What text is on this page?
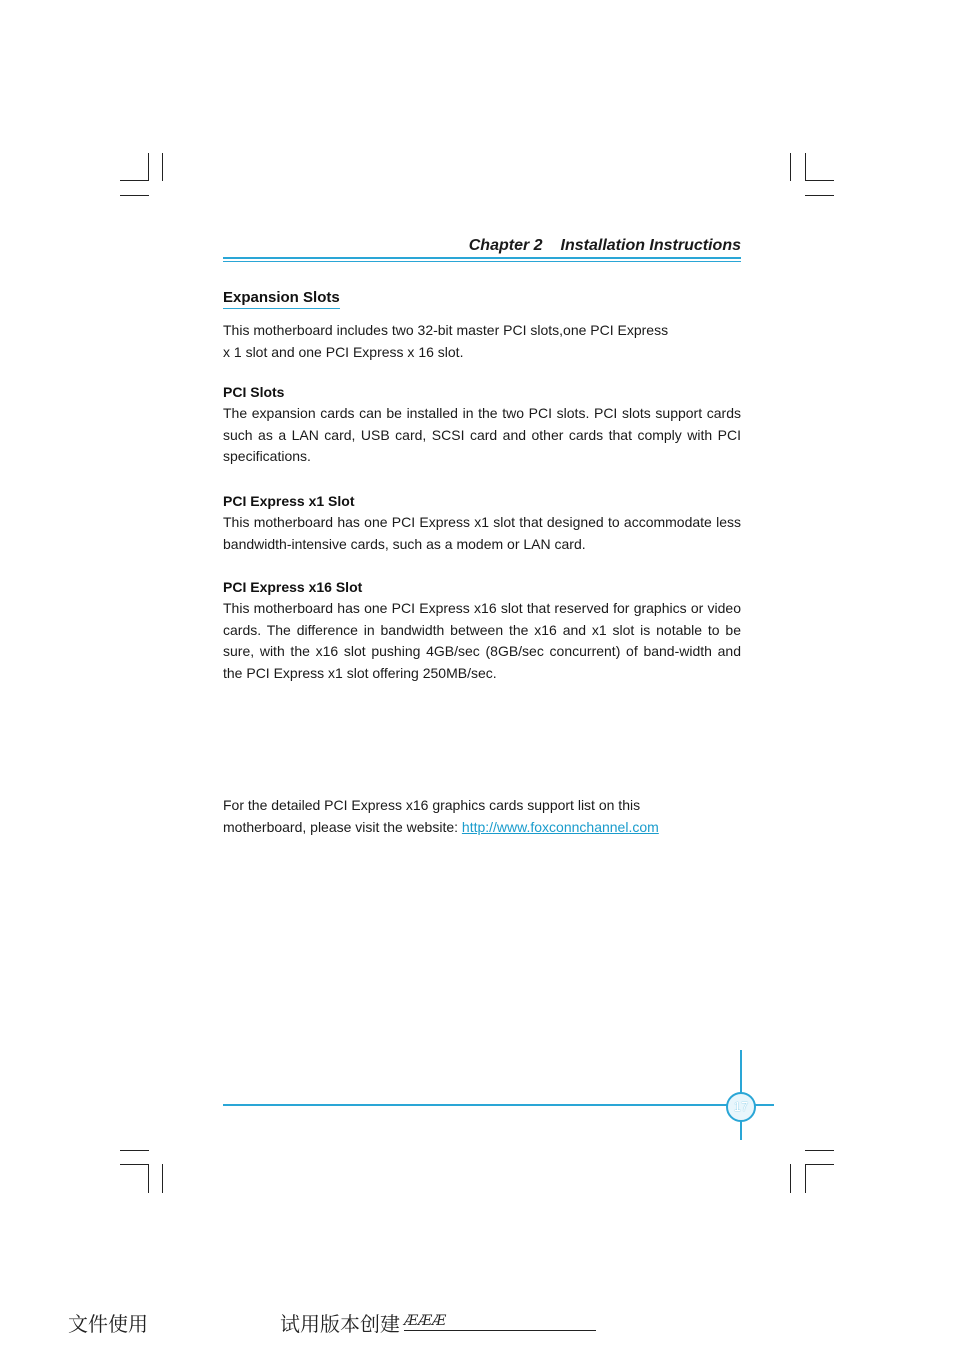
Chapter 2 Installation Instructions
Expansion Slots
This motherboard includes two 32-bit master PCI slots,one PCI Express
x 1 slot and one PCI Express x 16 slot.
PCI Slots
The expansion cards can be installed in the two PCI slots. PCI slots support cards such as a LAN card, USB card, SCSI card and other cards that comply with PCI specifications.
PCI Express x1 Slot
This motherboard has one PCI Express x1 slot that designed to accommodate less bandwidth-intensive cards, such as a modem or LAN card.
PCI Express x16 Slot
This motherboard has one PCI Express x16 slot that reserved for graphics or video cards. The difference in bandwidth between the x16 and x1 slot is notable to be sure, with the x16 slot pushing 4GB/sec (8GB/sec concurrent) of band-width and the PCI Express x1 slot offering 250MB/sec.
For the detailed PCI Express x16 graphics cards support list on this
motherboard, please visit the website: http://www.foxconnchannel.com
17
文件使用	试用版本创建 ÆÆÆ
